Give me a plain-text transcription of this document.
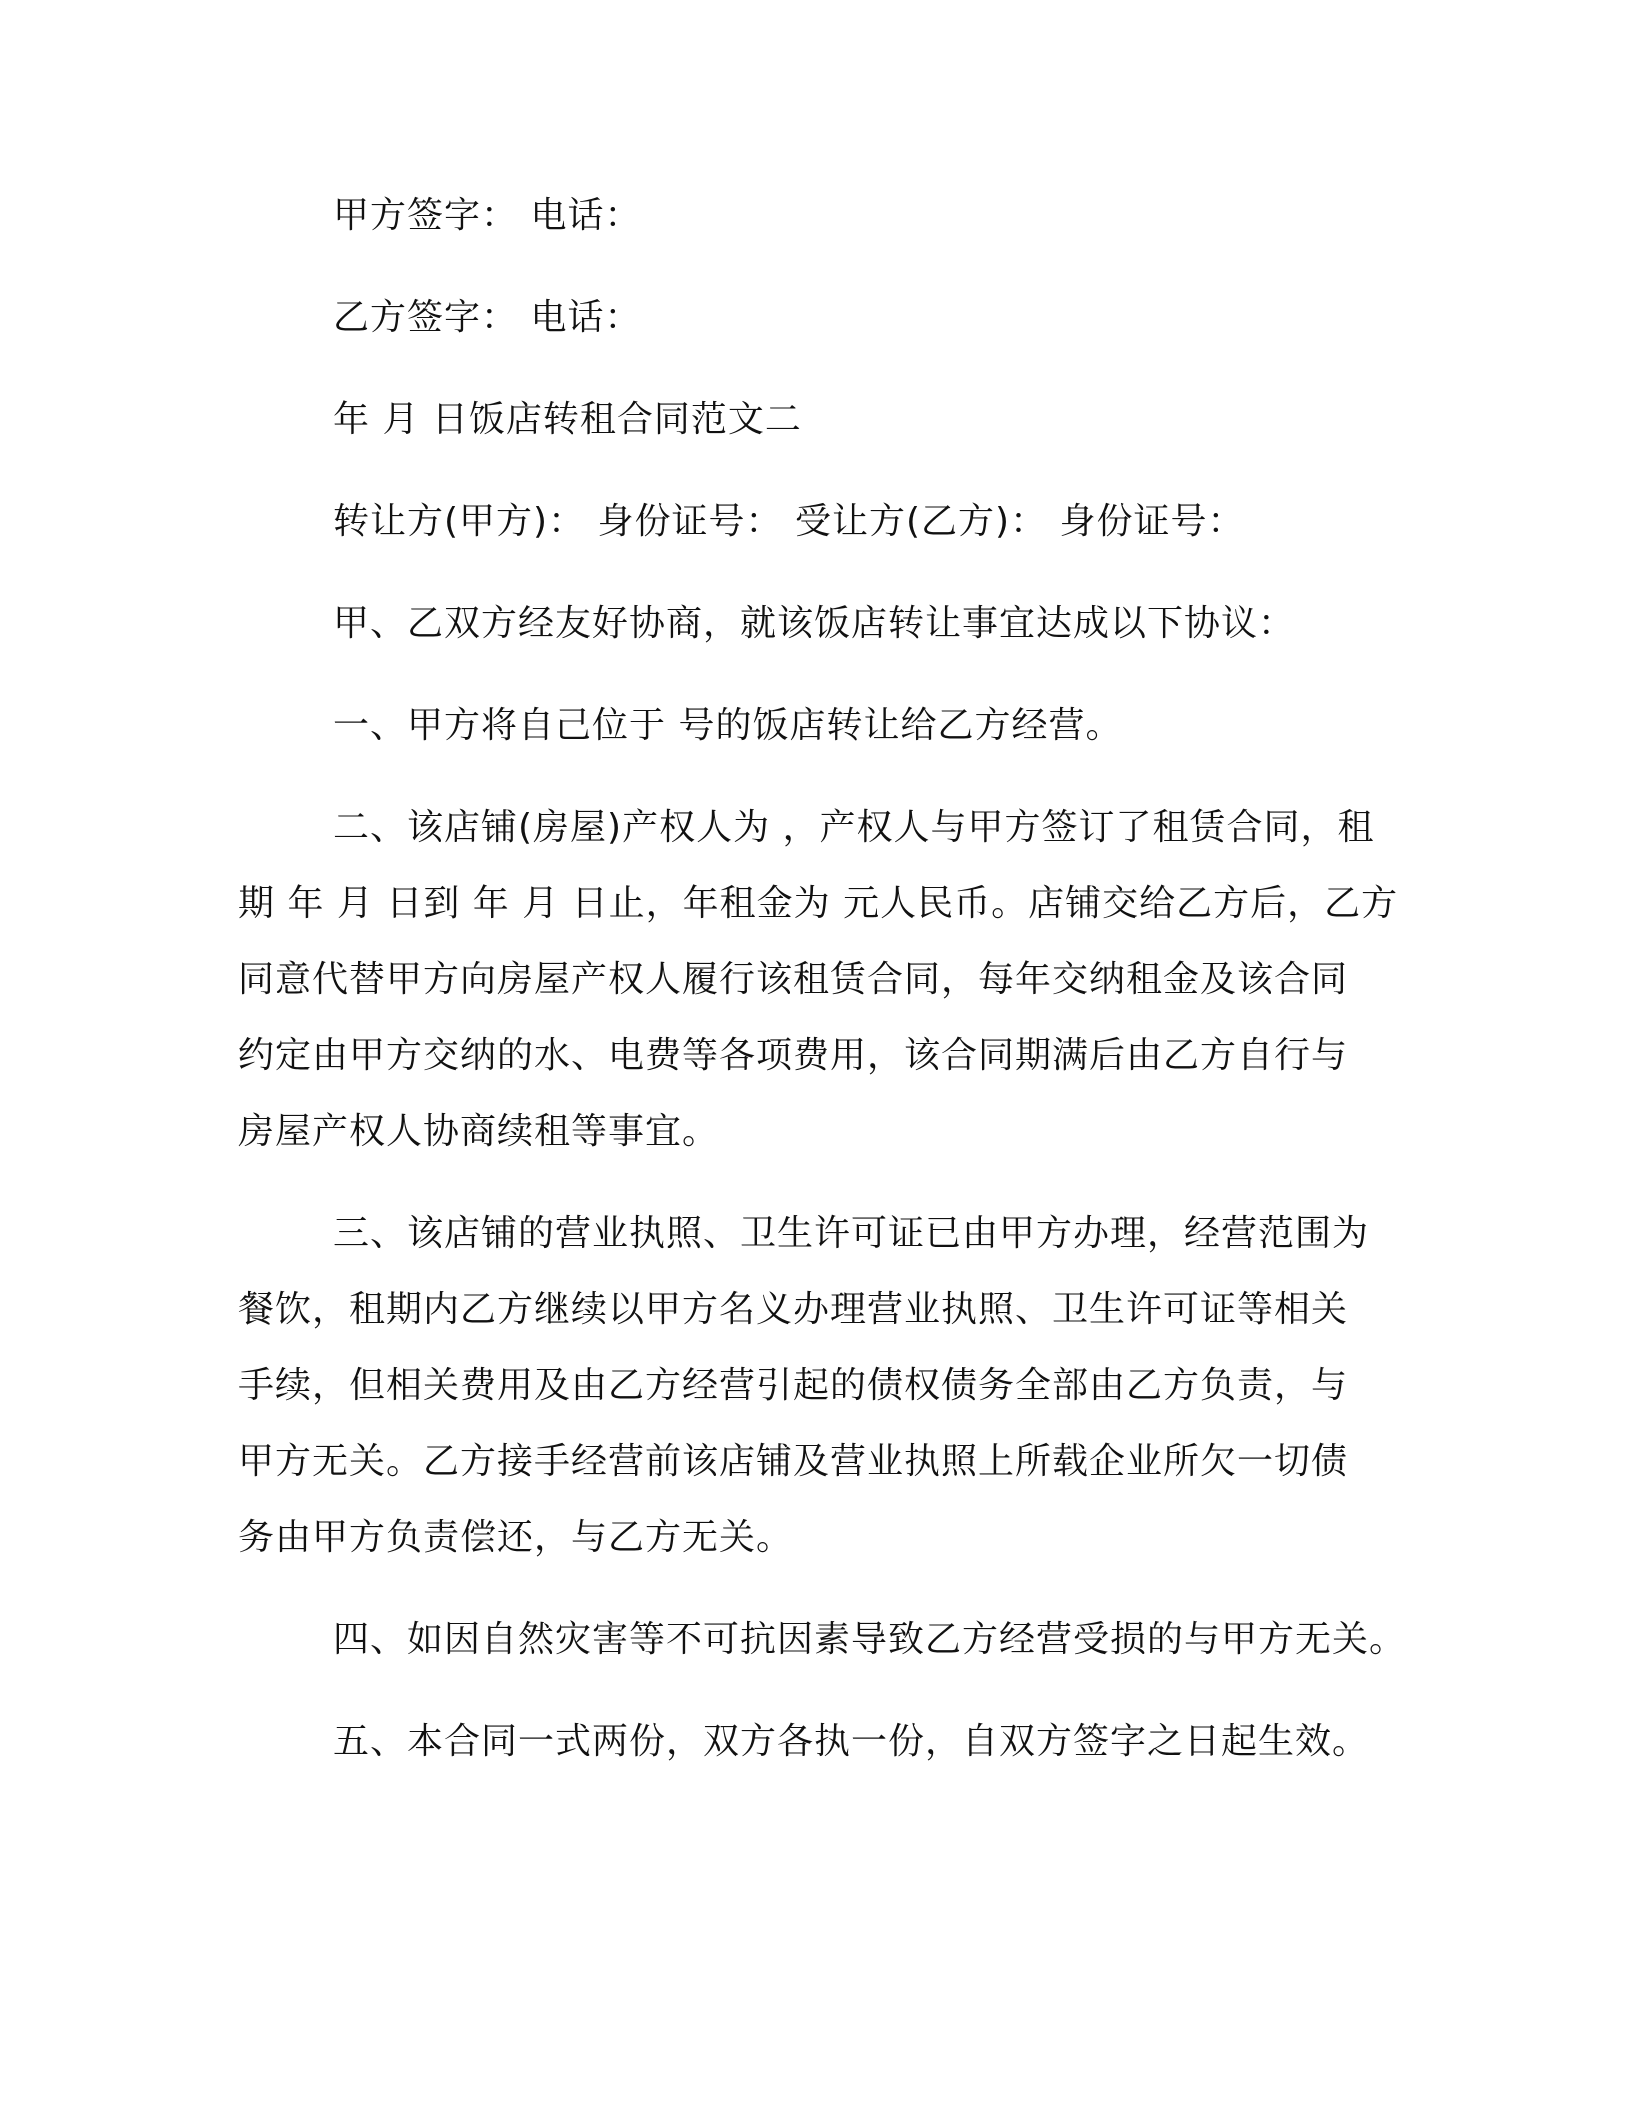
甲方签字： 电话：
乙方签字： 电话：
年 月 日饭店转租合同范文二
转让方(甲方)： 身份证号： 受让方(乙方)： 身份证号：
甲、乙双方经友好协商，就该饭店转让事宜达成以下协议：
一、甲方将自己位于 号的饭店转让给乙方经营。
二、该店铺(房屋)产权人为 ，产权人与甲方签订了租赁合同，租
期 年 月 日到 年 月 日止，年租金为 元人民币。店铺交给乙方后，乙方
同意代替甲方向房屋产权人履行该租赁合同，每年交纳租金及该合同
约定由甲方交纳的水、电费等各项费用，该合同期满后由乙方自行与
房屋产权人协商续租等事宜。
三、该店铺的营业执照、卫生许可证已由甲方办理，经营范围为
餐饮，租期内乙方继续以甲方名义办理营业执照、卫生许可证等相关
手续，但相关费用及由乙方经营引起的债权债务全部由乙方负责，与
甲方无关。乙方接手经营前该店铺及营业执照上所载企业所欠一切债
务由甲方负责偿还，与乙方无关。
四、如因自然灾害等不可抗因素导致乙方经营受损的与甲方无关。
五、本合同一式两份，双方各执一份，自双方签字之日起生效。
